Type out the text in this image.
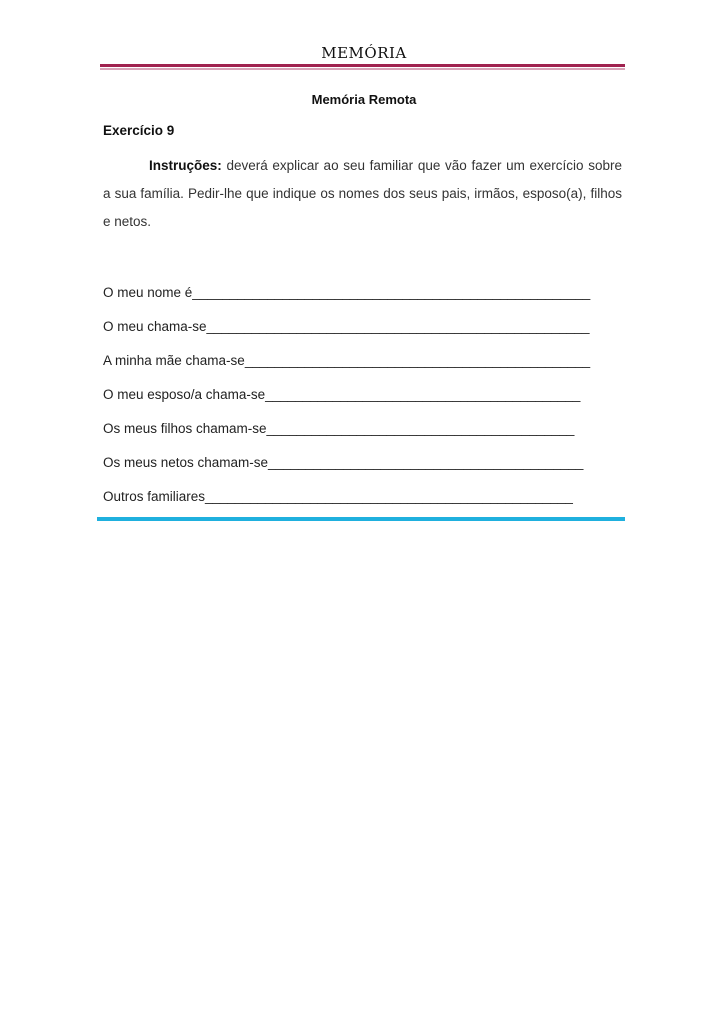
MEMÓRIA
Memória Remota
Exercício 9
Instruções: deverá explicar ao seu familiar que vão fazer um exercício sobre a sua família. Pedir-lhe que indique os nomes dos seus pais, irmãos, esposo(a), filhos e netos.
O meu nome é_____________________________________________________
O meu chama-se___________________________________________________
A minha mãe chama-se______________________________________________
O meu esposo/a chama-se__________________________________________
Os meus filhos chamam-se_________________________________________
Os meus netos chamam-se__________________________________________
Outros familiares_________________________________________________
